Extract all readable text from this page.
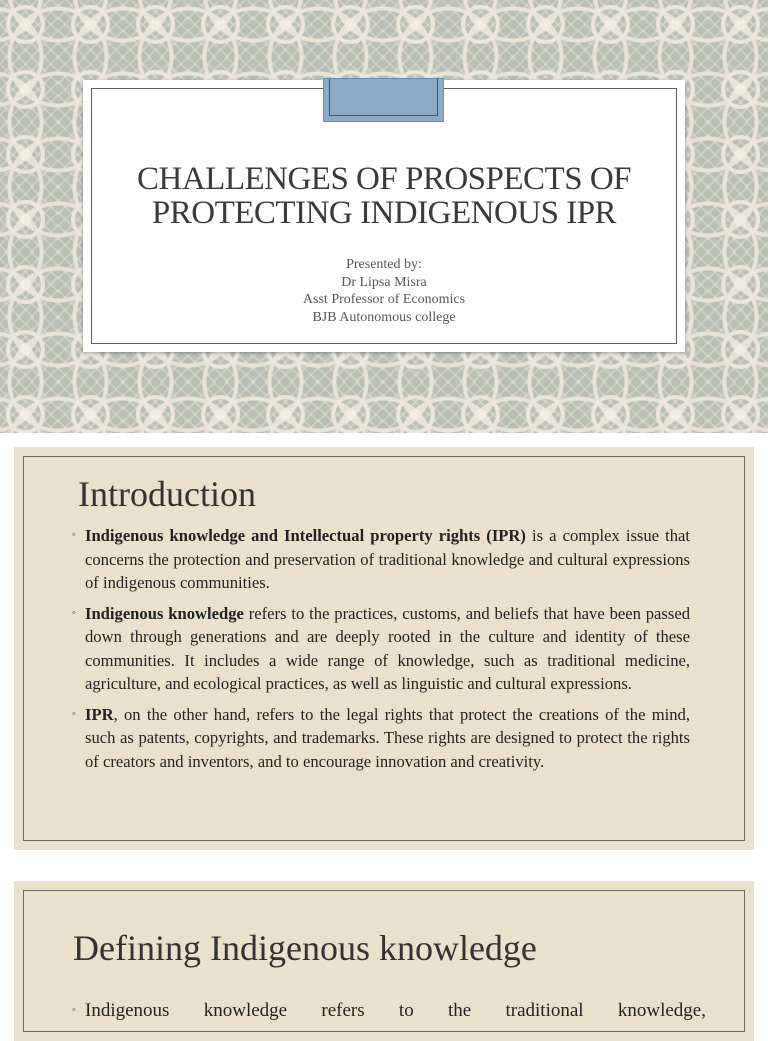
CHALLENGES OF PROSPECTS OF
PROTECTING INDIGENOUS IPR
Presented by:
Dr Lipsa Misra
Asst Professor of Economics
BJB Autonomous college
Introduction
◦ Indigenous knowledge and Intellectual property rights (IPR) is a complex issue that concerns the protection and preservation of traditional knowledge and cultural expressions of indigenous communities.
◦ Indigenous knowledge refers to the practices, customs, and beliefs that have been passed down through generations and are deeply rooted in the culture and identity of these communities. It includes a wide range of knowledge, such as traditional medicine, agriculture, and ecological practices, as well as linguistic and cultural expressions.
◦ IPR, on the other hand, refers to the legal rights that protect the creations of the mind, such as patents, copyrights, and trademarks. These rights are designed to protect the rights of creators and inventors, and to encourage innovation and creativity.
Defining Indigenous knowledge
◦ Indigenous knowledge refers to the traditional knowledge,
